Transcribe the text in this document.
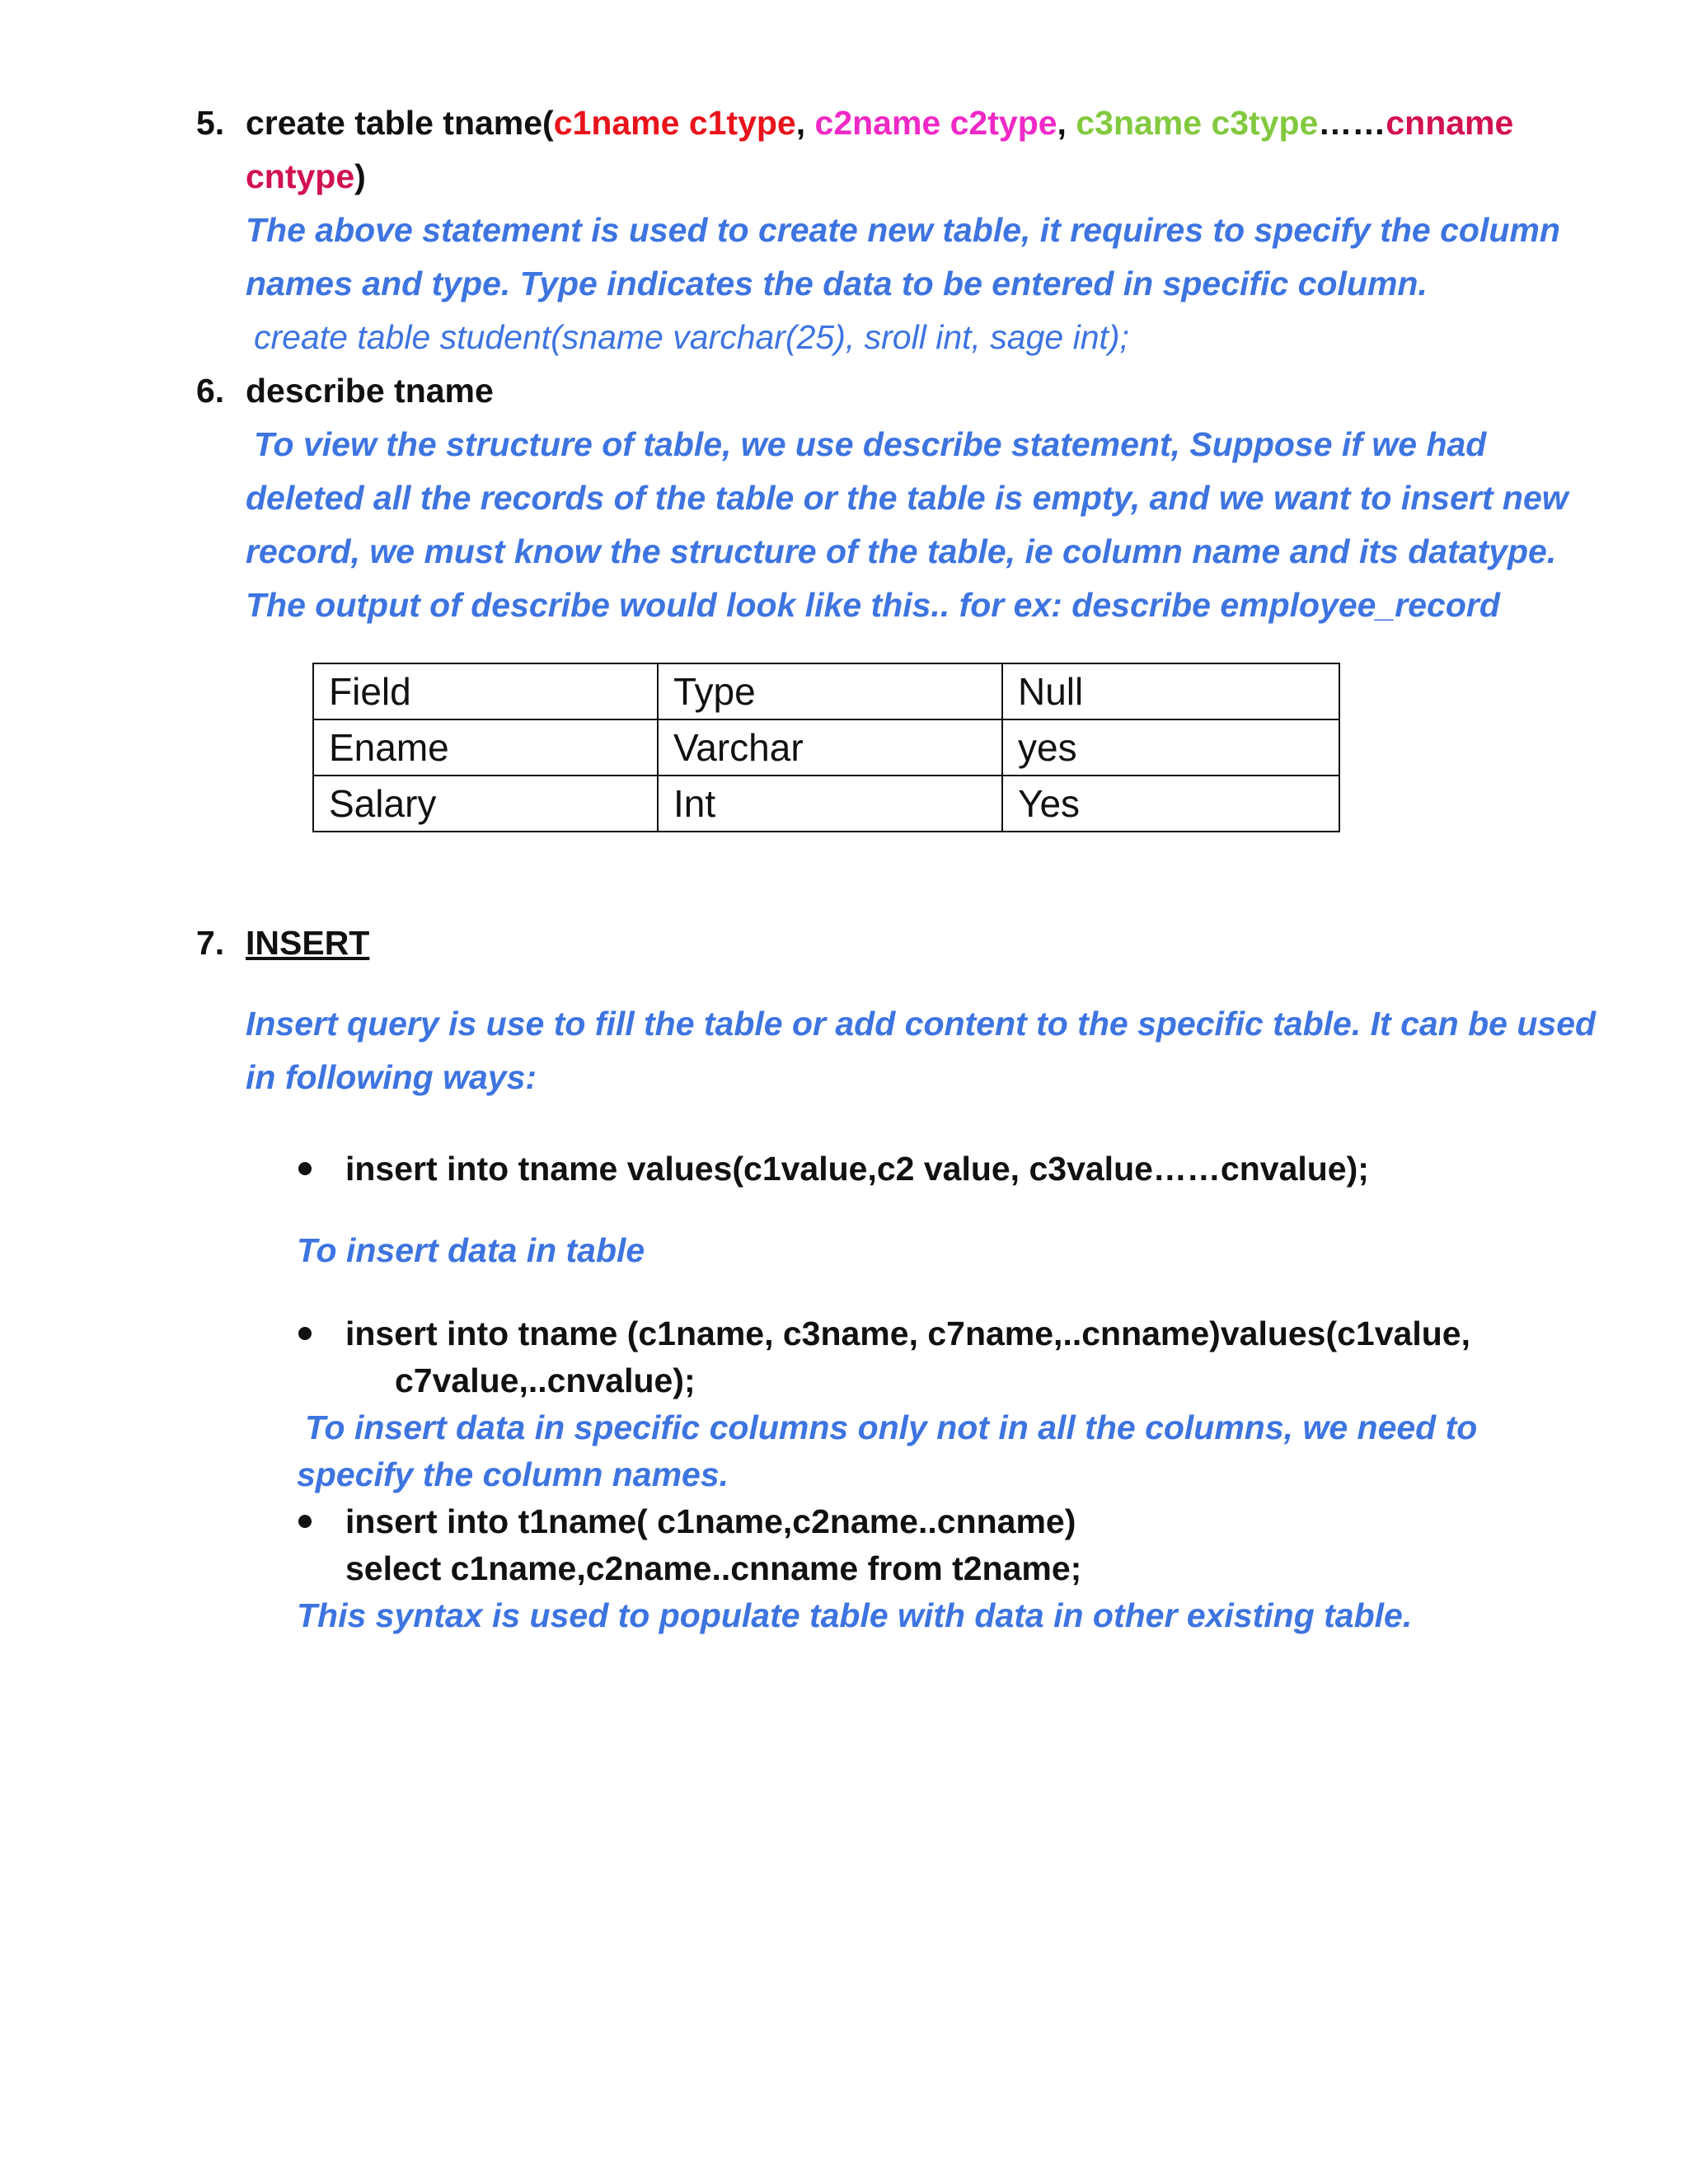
5. create table tname(c1name c1type, c2name c2type, c3name c3type……cnname
cntype)
The above statement is used to create new table, it requires to specify the column
names and type. Type indicates the data to be entered in specific column.
create table student(sname varchar(25), sroll int, sage int);
6. describe tname
To view the structure of table, we use describe statement, Suppose if we had
deleted all the records of the table or the table is empty, and we want to insert new
record, we must know the structure of the table, ie column name and its datatype.
The output of describe would look like this.. for ex: describe employee_record
Field	Type	Null
Ename	Varchar	yes
Salary	Int	Yes
7. INSERT
Insert query is use to fill the table or add content to the specific table. It can be used
in following ways:
insert into tname values(c1value,c2 value, c3value……cnvalue);
To insert data in table
insert into tname (c1name, c3name, c7name,..cnname)values(c1value,
c7value,..cnvalue);
To insert data in specific columns only not in all the columns, we need to
specify the column names.
insert into t1name( c1name,c2name..cnname)
select c1name,c2name..cnname from t2name;
This syntax is used to populate table with data in other existing table.
